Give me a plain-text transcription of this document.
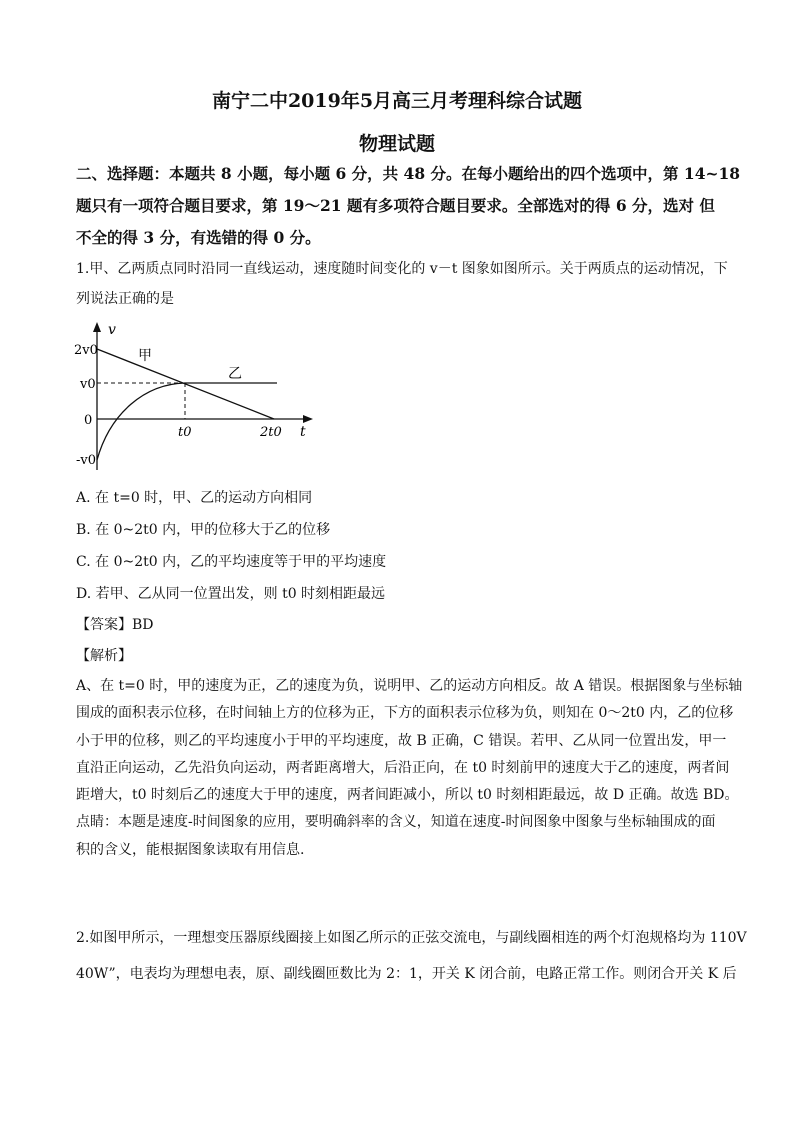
南宁二中2019年5月高三月考理科综合试题
物理试题
二、选择题：本题共 8 小题，每小题 6 分，共 48 分。在每小题给出的四个选项中，第 14~18
题只有一项符合题目要求，第 19～21 题有多项符合题目要求。全部选对的得 6 分，选对 但
不全的得 3 分，有选错的得 0 分。
1.甲、乙两质点同时沿同一直线运动，速度随时间变化的 v－t 图象如图所示。关于两质点的运动情况，下
列说法正确的是
v
t
2v0
v0
0
-v0
t0	2t0
甲
乙
A. 在 t=0 时，甲、乙的运动方向相同
B. 在 0~2t0 内，甲的位移大于乙的位移
C. 在 0~2t0 内，乙的平均速度等于甲的平均速度
D. 若甲、乙从同一位置出发，则 t0 时刻相距最远
【答案】BD
【解析】
A、在 t=0 时，甲的速度为正，乙的速度为负，说明甲、乙的运动方向相反。故 A 错误。根据图象与坐标轴
围成的面积表示位移，在时间轴上方的位移为正，下方的面积表示位移为负，则知在 0～2t0 内，乙的位移
小于甲的位移，则乙的平均速度小于甲的平均速度，故 B 正确，C 错误。若甲、乙从同一位置出发，甲一
直沿正向运动，乙先沿负向运动，两者距离增大，后沿正向，在 t0 时刻前甲的速度大于乙的速度，两者间
距增大，t0 时刻后乙的速度大于甲的速度，两者间距减小，所以 t0 时刻相距最远，故 D 正确。故选 BD。
点睛：本题是速度-时间图象的应用，要明确斜率的含义，知道在速度-时间图象中图象与坐标轴围成的面
积的含义，能根据图象读取有用信息.
2.如图甲所示，一理想变压器原线圈接上如图乙所示的正弦交流电，与副线圈相连的两个灯泡规格均为 110V
40W”，电表均为理想电表，原、副线圈匝数比为 2：1，开关 K 闭合前，电路正常工作。则闭合开关 K 后
